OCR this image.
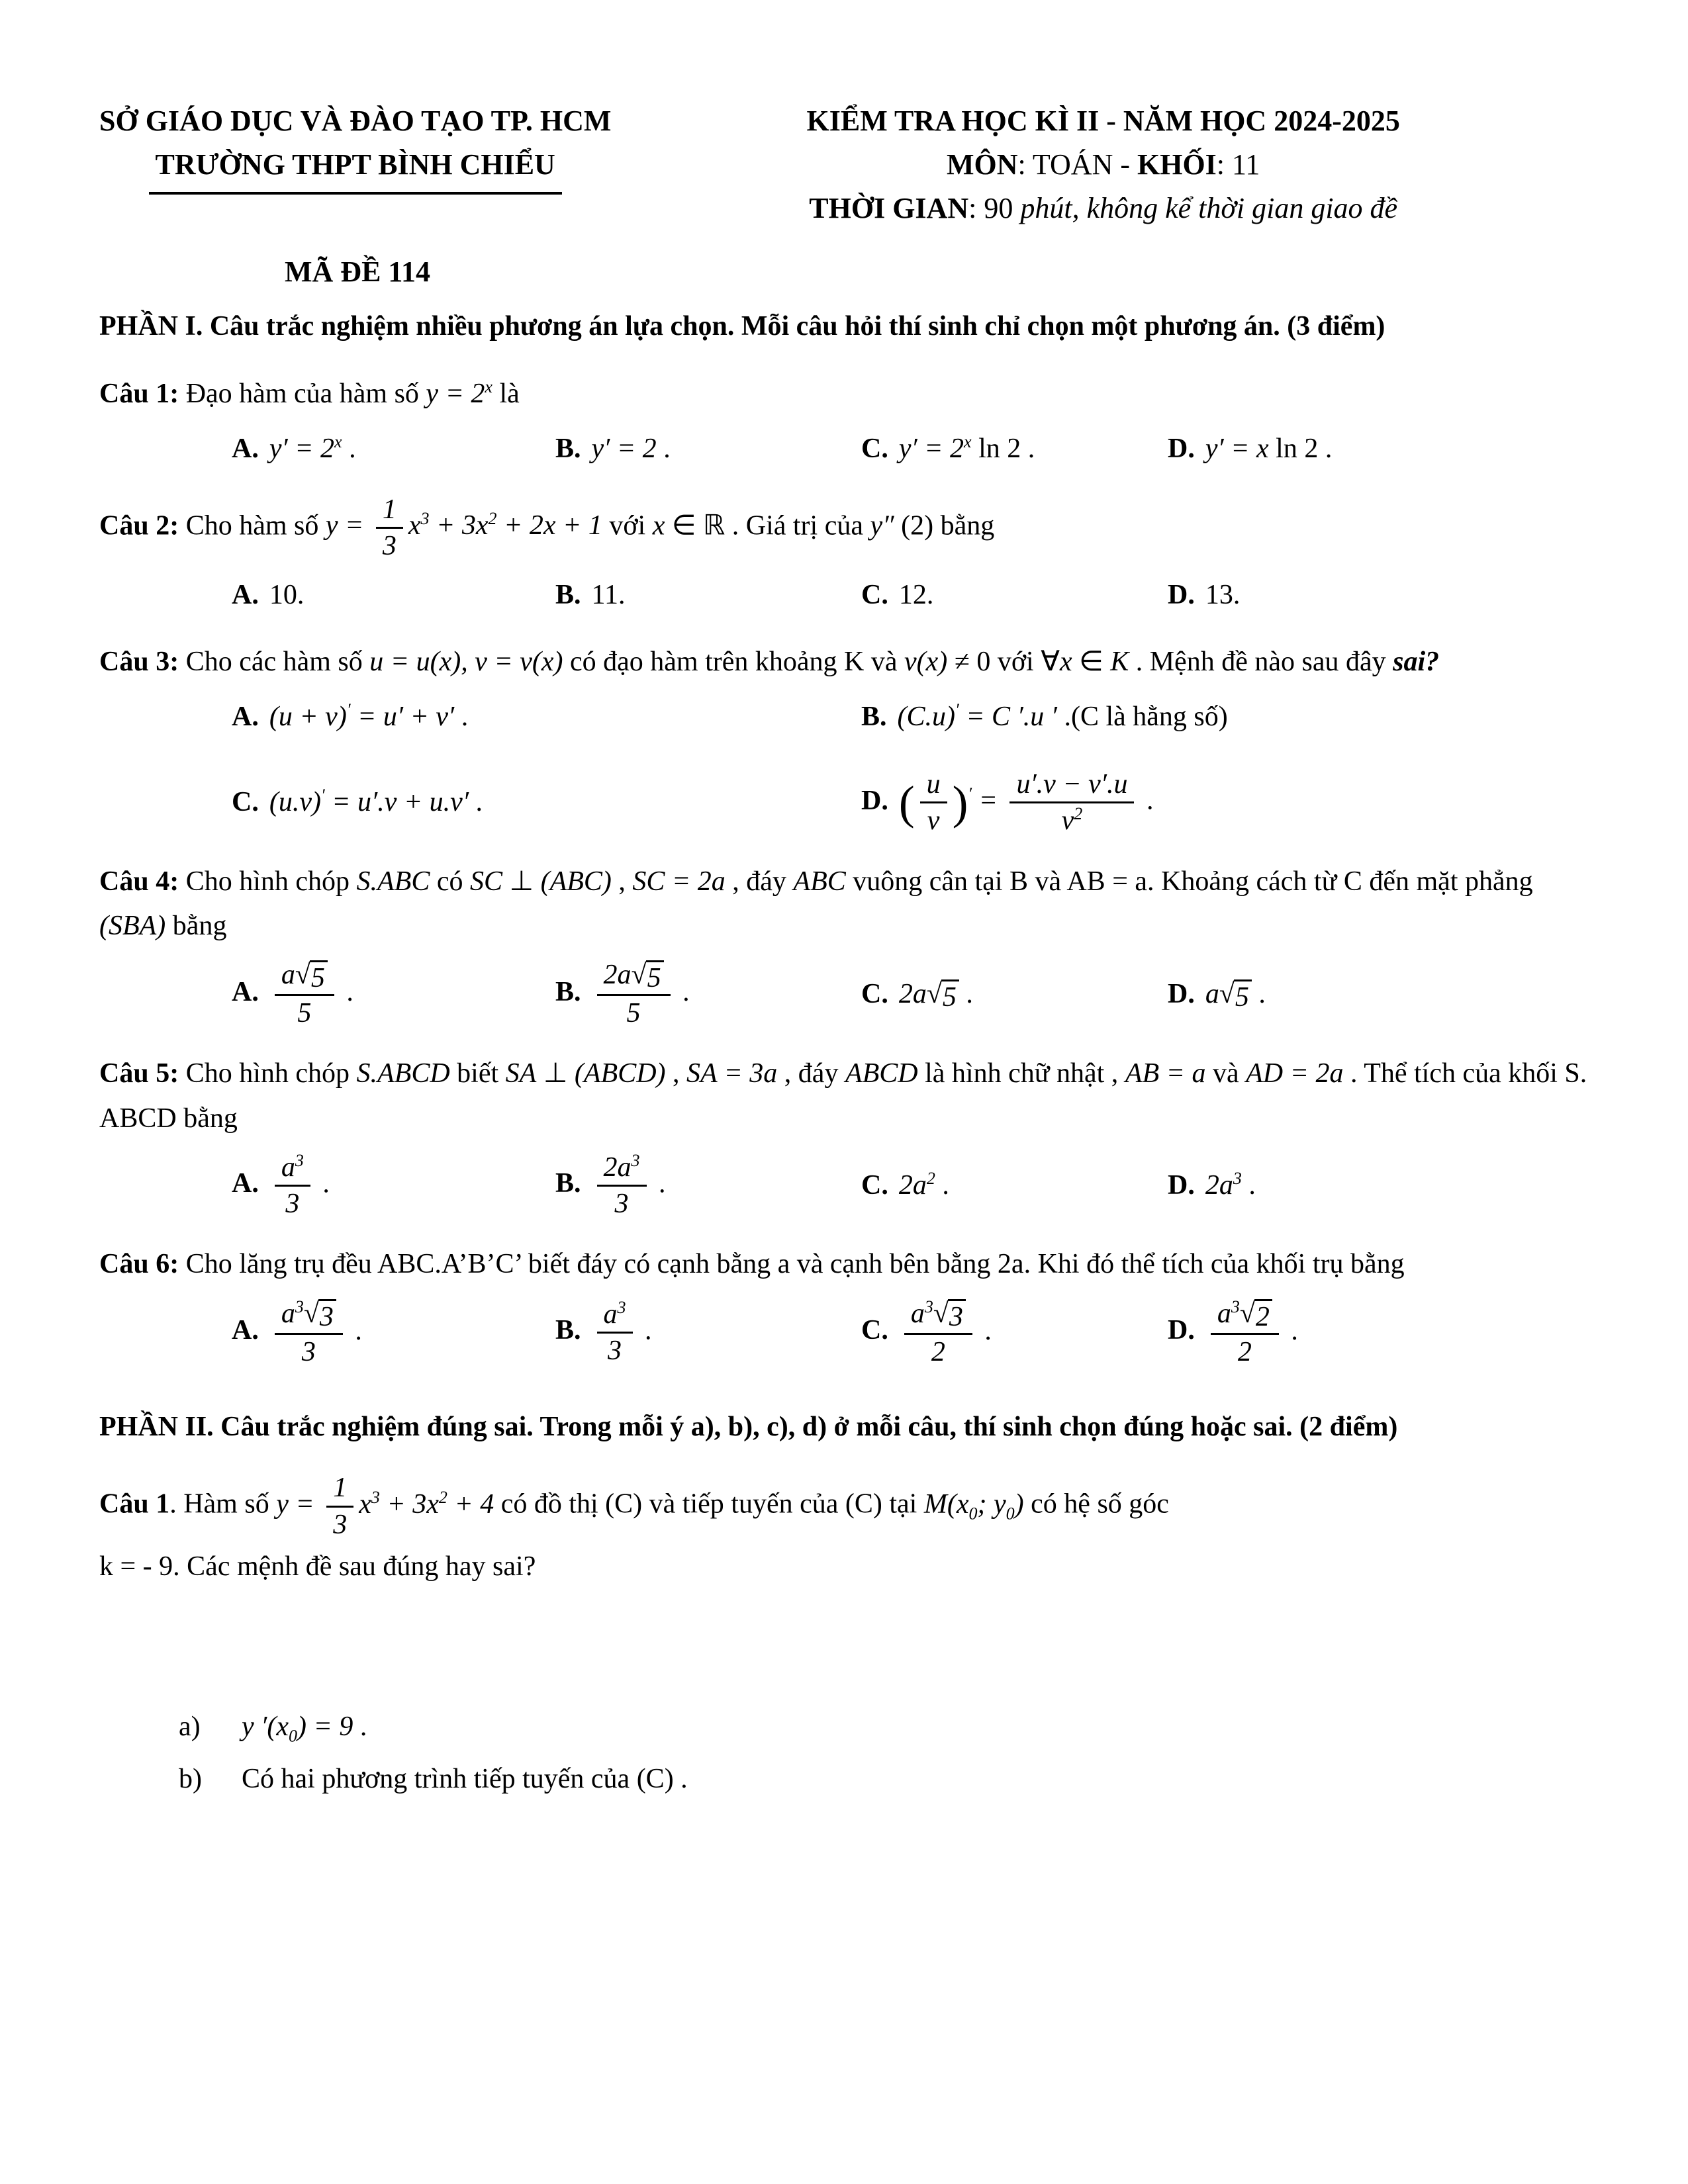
SỞ GIÁO DỤC VÀ ĐÀO TẠO TP. HCM
TRƯỜNG THPT BÌNH CHIỂU
KIỂM TRA HỌC KÌ II - NĂM HỌC 2024-2025
MÔN: TOÁN - KHỐI: 11
THỜI GIAN: 90 phút, không kể thời gian giao đề
MÃ ĐỀ 114
PHẦN I. Câu trắc nghiệm nhiều phương án lựa chọn. Mỗi câu hỏi thí sinh chỉ chọn một phương án. (3 điểm)
Câu 1: Đạo hàm của hàm số $y = 2^x$ là
A. $y' = 2^x$ .	B. y′ = 2 .	C. $y' = 2^x$ ln 2 .	D. y′ = x ln 2 .
Câu 2: Cho hàm số $y = \frac{1}{3} x^3 + 3x^2 + 2x + 1$ với x ∈ ℝ . Giá trị của y″ (2) bằng
A. 10.	B. 11.	C. 12.	D. 13.
Câu 3: Cho các hàm số u = u(x), v = v(x) có đạo hàm trên khoảng K và v(x) ≠ 0 với ∀x ∈ K . Mệnh đề nào sau đây sai?
A. (u + v)′ = u′ + v′ .	B. (C.u)′ = C ′.u ′ .(C là hằng số)
C. (u.v)′ = u′.v + u.v′ .	D. ( $\frac{u}{v} )' = \frac{u'.v - v'.u}{v^2}$ .
Câu 4: Cho hình chóp S.ABC có SC ⊥ (ABC) , SC = 2a , đáy ABC vuông cân tại B và AB = a. Khoảng cách từ C đến mặt phẳng (SBA) bằng
A. $\frac{a √ 5}{5}$ .	B. $\frac{2a √ 5}{5}$ .	C. 2a √ 5 .	D. a √ 5 .
Câu 5: Cho hình chóp S.ABCD biết SA ⊥ (ABCD) , SA = 3a , đáy ABCD là hình chữ nhật , AB = a và AD = 2a . Thể tích của khối S. ABCD bằng
A. $\frac{a^3}{3}$ .	B. $\frac{2a^3}{3}$ .	C. $2a^2$ .	D. $2a^3$ .
Câu 6: Cho lăng trụ đều ABC.A’B’C’ biết đáy có cạnh bằng a và cạnh bên bằng 2a. Khi đó thể tích của khối trụ bằng
A. $\frac{a^3 √ 3}{3}$ .	B. $\frac{a^3}{3}$ .	C. $\frac{a^3 √ 3}{2}$ .	D. $\frac{a^3 √ 2}{2}$ .
PHẦN II. Câu trắc nghiệm đúng sai. Trong mỗi ý a), b), c), d) ở mỗi câu, thí sinh chọn đúng hoặc sai. (2 điểm)
Câu 1. Hàm số $y = \frac{1}{3} x^3 + 3x^2 + 4$ có đồ thị (C) và tiếp tuyến của (C) tại $M(x_0$; $y_0$) có hệ số góc
k = - 9. Các mệnh đề sau đúng hay sai?
a)	y $'(x_0) = 9$ .
b)	Có hai phương trình tiếp tuyến của (C) .
